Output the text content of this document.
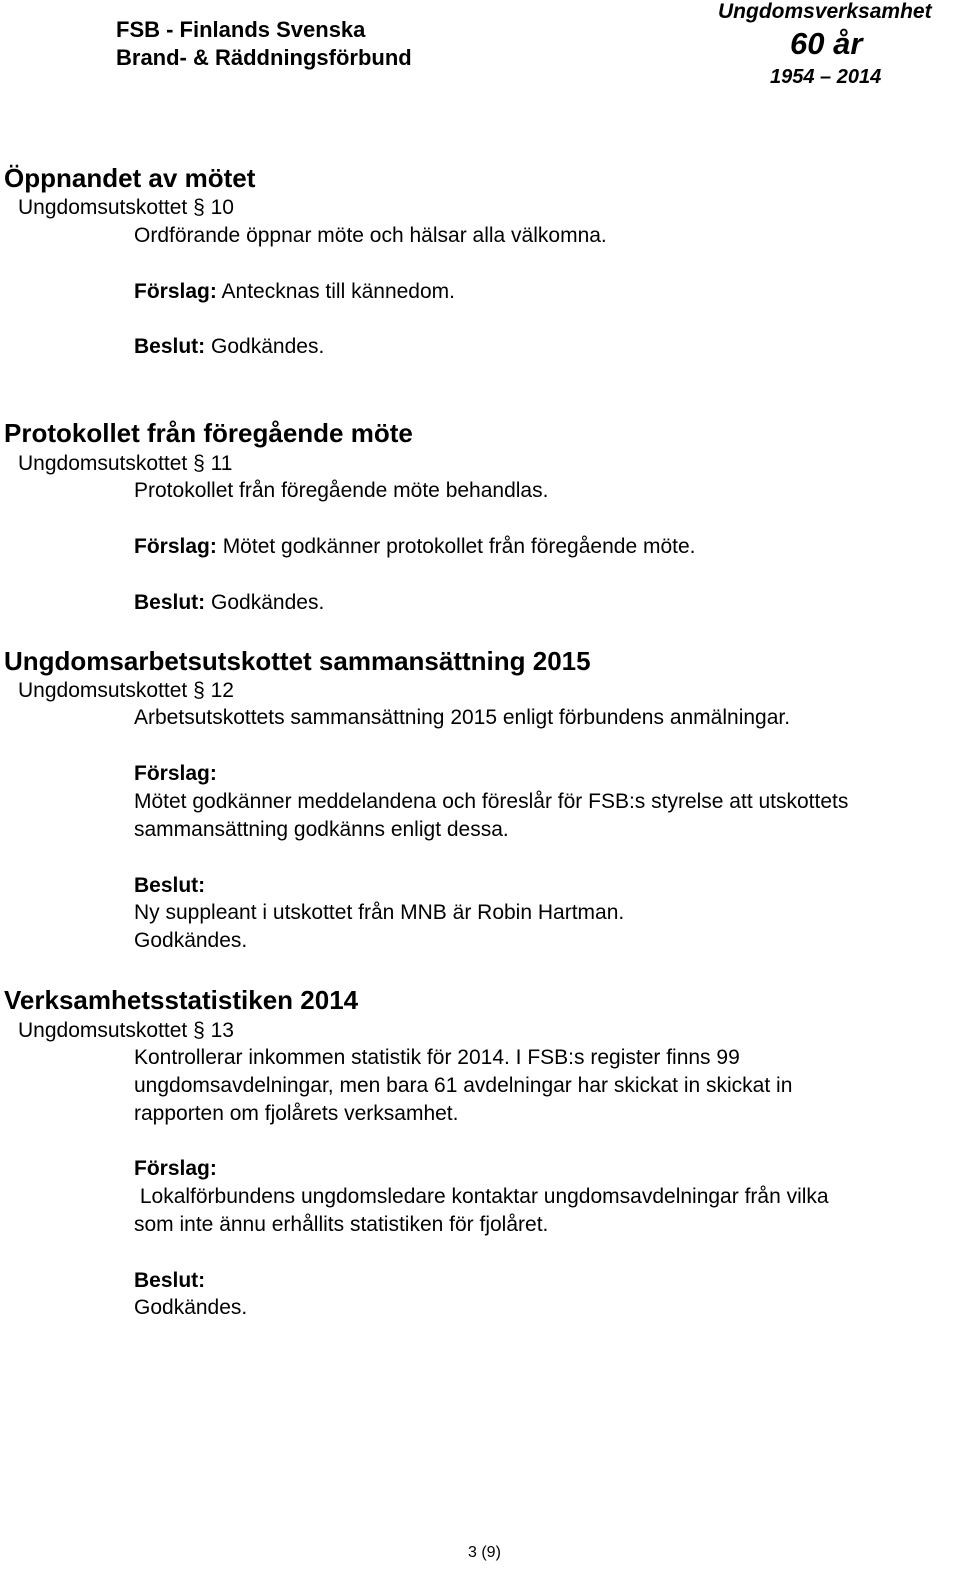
FSB - Finlands Svenska
Brand- & Räddningsförbund
Ungdomsverksamhet
60 år
1954 – 2014
Öppnandet av mötet
Ungdomsutskottet § 10
Ordförande öppnar möte och hälsar alla välkomna.
Förslag: Antecknas till kännedom.
Beslut: Godkändes.
Protokollet från föregående möte
Ungdomsutskottet § 11
Protokollet från föregående möte behandlas.
Förslag: Mötet godkänner protokollet från föregående möte.
Beslut: Godkändes.
Ungdomsarbetsutskottet sammansättning 2015
Ungdomsutskottet § 12
Arbetsutskottets sammansättning 2015 enligt förbundens anmälningar.
Förslag:
Mötet godkänner meddelandena och föreslår för FSB:s styrelse att utskottets
sammansättning godkänns enligt dessa.
Beslut:
Ny suppleant i utskottet från MNB är Robin Hartman.
Godkändes.
Verksamhetsstatistiken 2014
Ungdomsutskottet § 13
Kontrollerar inkommen statistik för 2014. I FSB:s register finns 99
ungdomsavdelningar, men bara 61 avdelningar har skickat in skickat in
rapporten om fjolårets verksamhet.
Förslag:
Lokalförbundens ungdomsledare kontaktar ungdomsavdelningar från vilka
som inte ännu erhållits statistiken för fjolåret.
Beslut:
Godkändes.
3 (9)
